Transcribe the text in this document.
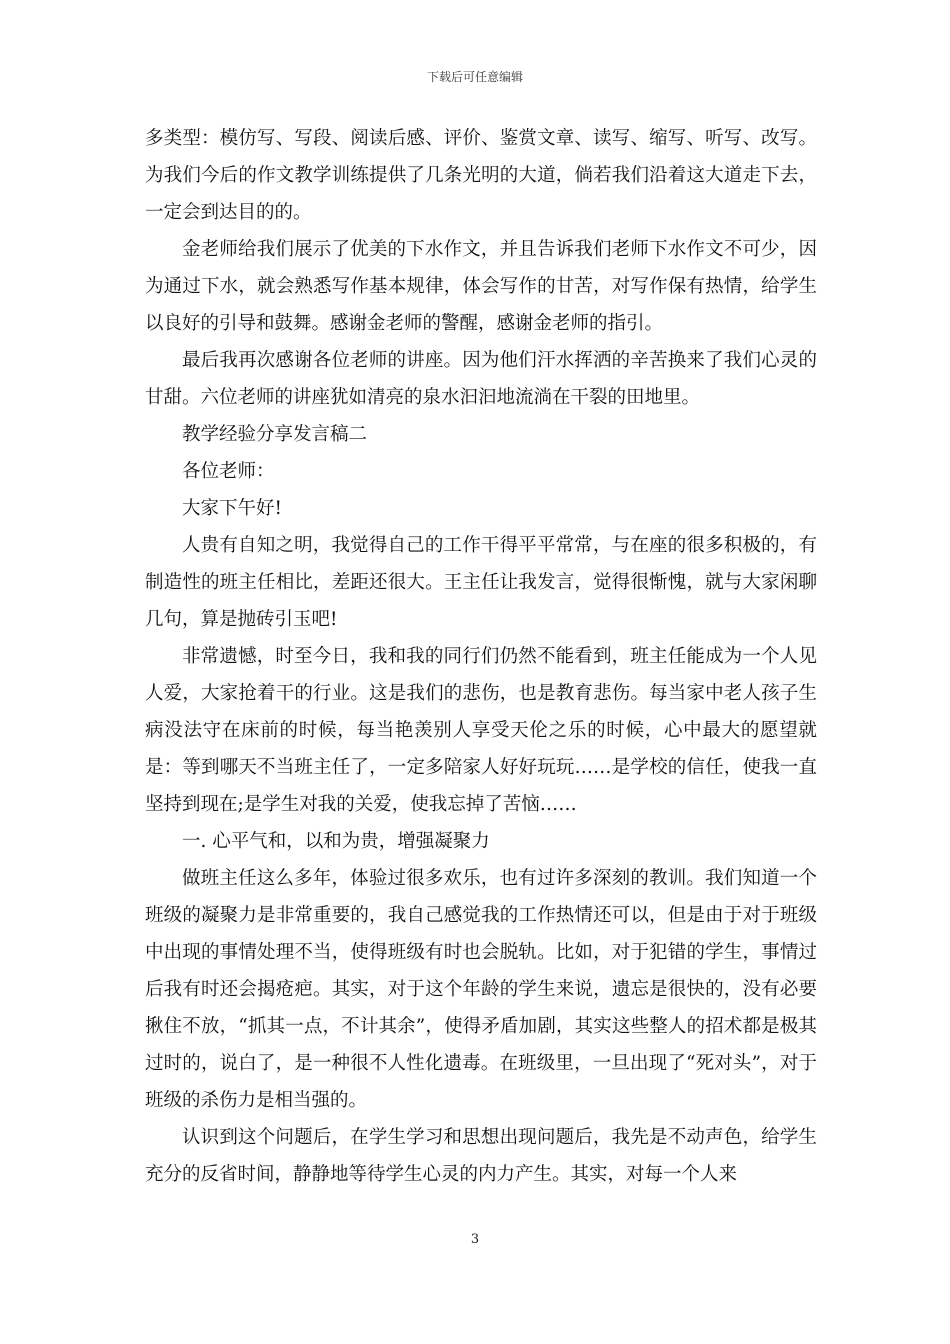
下载后可任意编辑

多类型：模仿写、写段、阅读后感、评价、鉴赏文章、读写、缩写、听写、改写。为我们今后的作文教学训练提供了几条光明的大道，倘若我们沿着这大道走下去，一定会到达目的的。

金老师给我们展示了优美的下水作文，并且告诉我们老师下水作文不可少，因为通过下水，就会熟悉写作基本规律，体会写作的甘苦，对写作保有热情，给学生以良好的引导和鼓舞。感谢金老师的警醒，感谢金老师的指引。

最后我再次感谢各位老师的讲座。因为他们汗水挥洒的辛苦换来了我们心灵的甘甜。六位老师的讲座犹如清亮的泉水汩汩地流淌在干裂的田地里。

教学经验分享发言稿二

各位老师：

大家下午好!

人贵有自知之明，我觉得自己的工作干得平平常常，与在座的很多积极的，有制造性的班主任相比，差距还很大。王主任让我发言，觉得很惭愧，就与大家闲聊几句，算是抛砖引玉吧!

非常遗憾，时至今日，我和我的同行们仍然不能看到，班主任能成为一个人见人爱，大家抢着干的行业。这是我们的悲伤，也是教育悲伤。每当家中老人孩子生病没法守在床前的时候，每当艳羡别人享受天伦之乐的时候，心中最大的愿望就是：等到哪天不当班主任了，一定多陪家人好好玩玩……是学校的信任，使我一直坚持到现在;是学生对我的关爱，使我忘掉了苦恼……

一. 心平气和，以和为贵，增强凝聚力

做班主任这么多年，体验过很多欢乐，也有过许多深刻的教训。我们知道一个班级的凝聚力是非常重要的，我自己感觉我的工作热情还可以，但是由于对于班级中出现的事情处理不当，使得班级有时也会脱轨。比如，对于犯错的学生，事情过后我有时还会揭疮疤。其实，对于这个年龄的学生来说，遗忘是很快的，没有必要揪住不放，“抓其一点，不计其余”，使得矛盾加剧，其实这些整人的招术都是极其过时的，说白了，是一种很不人性化遗毒。在班级里，一旦出现了“死对头”，对于班级的杀伤力是相当强的。

认识到这个问题后，在学生学习和思想出现问题后，我先是不动声色，给学生充分的反省时间，静静地等待学生心灵的内力产生。其实，对每一个人来

3
